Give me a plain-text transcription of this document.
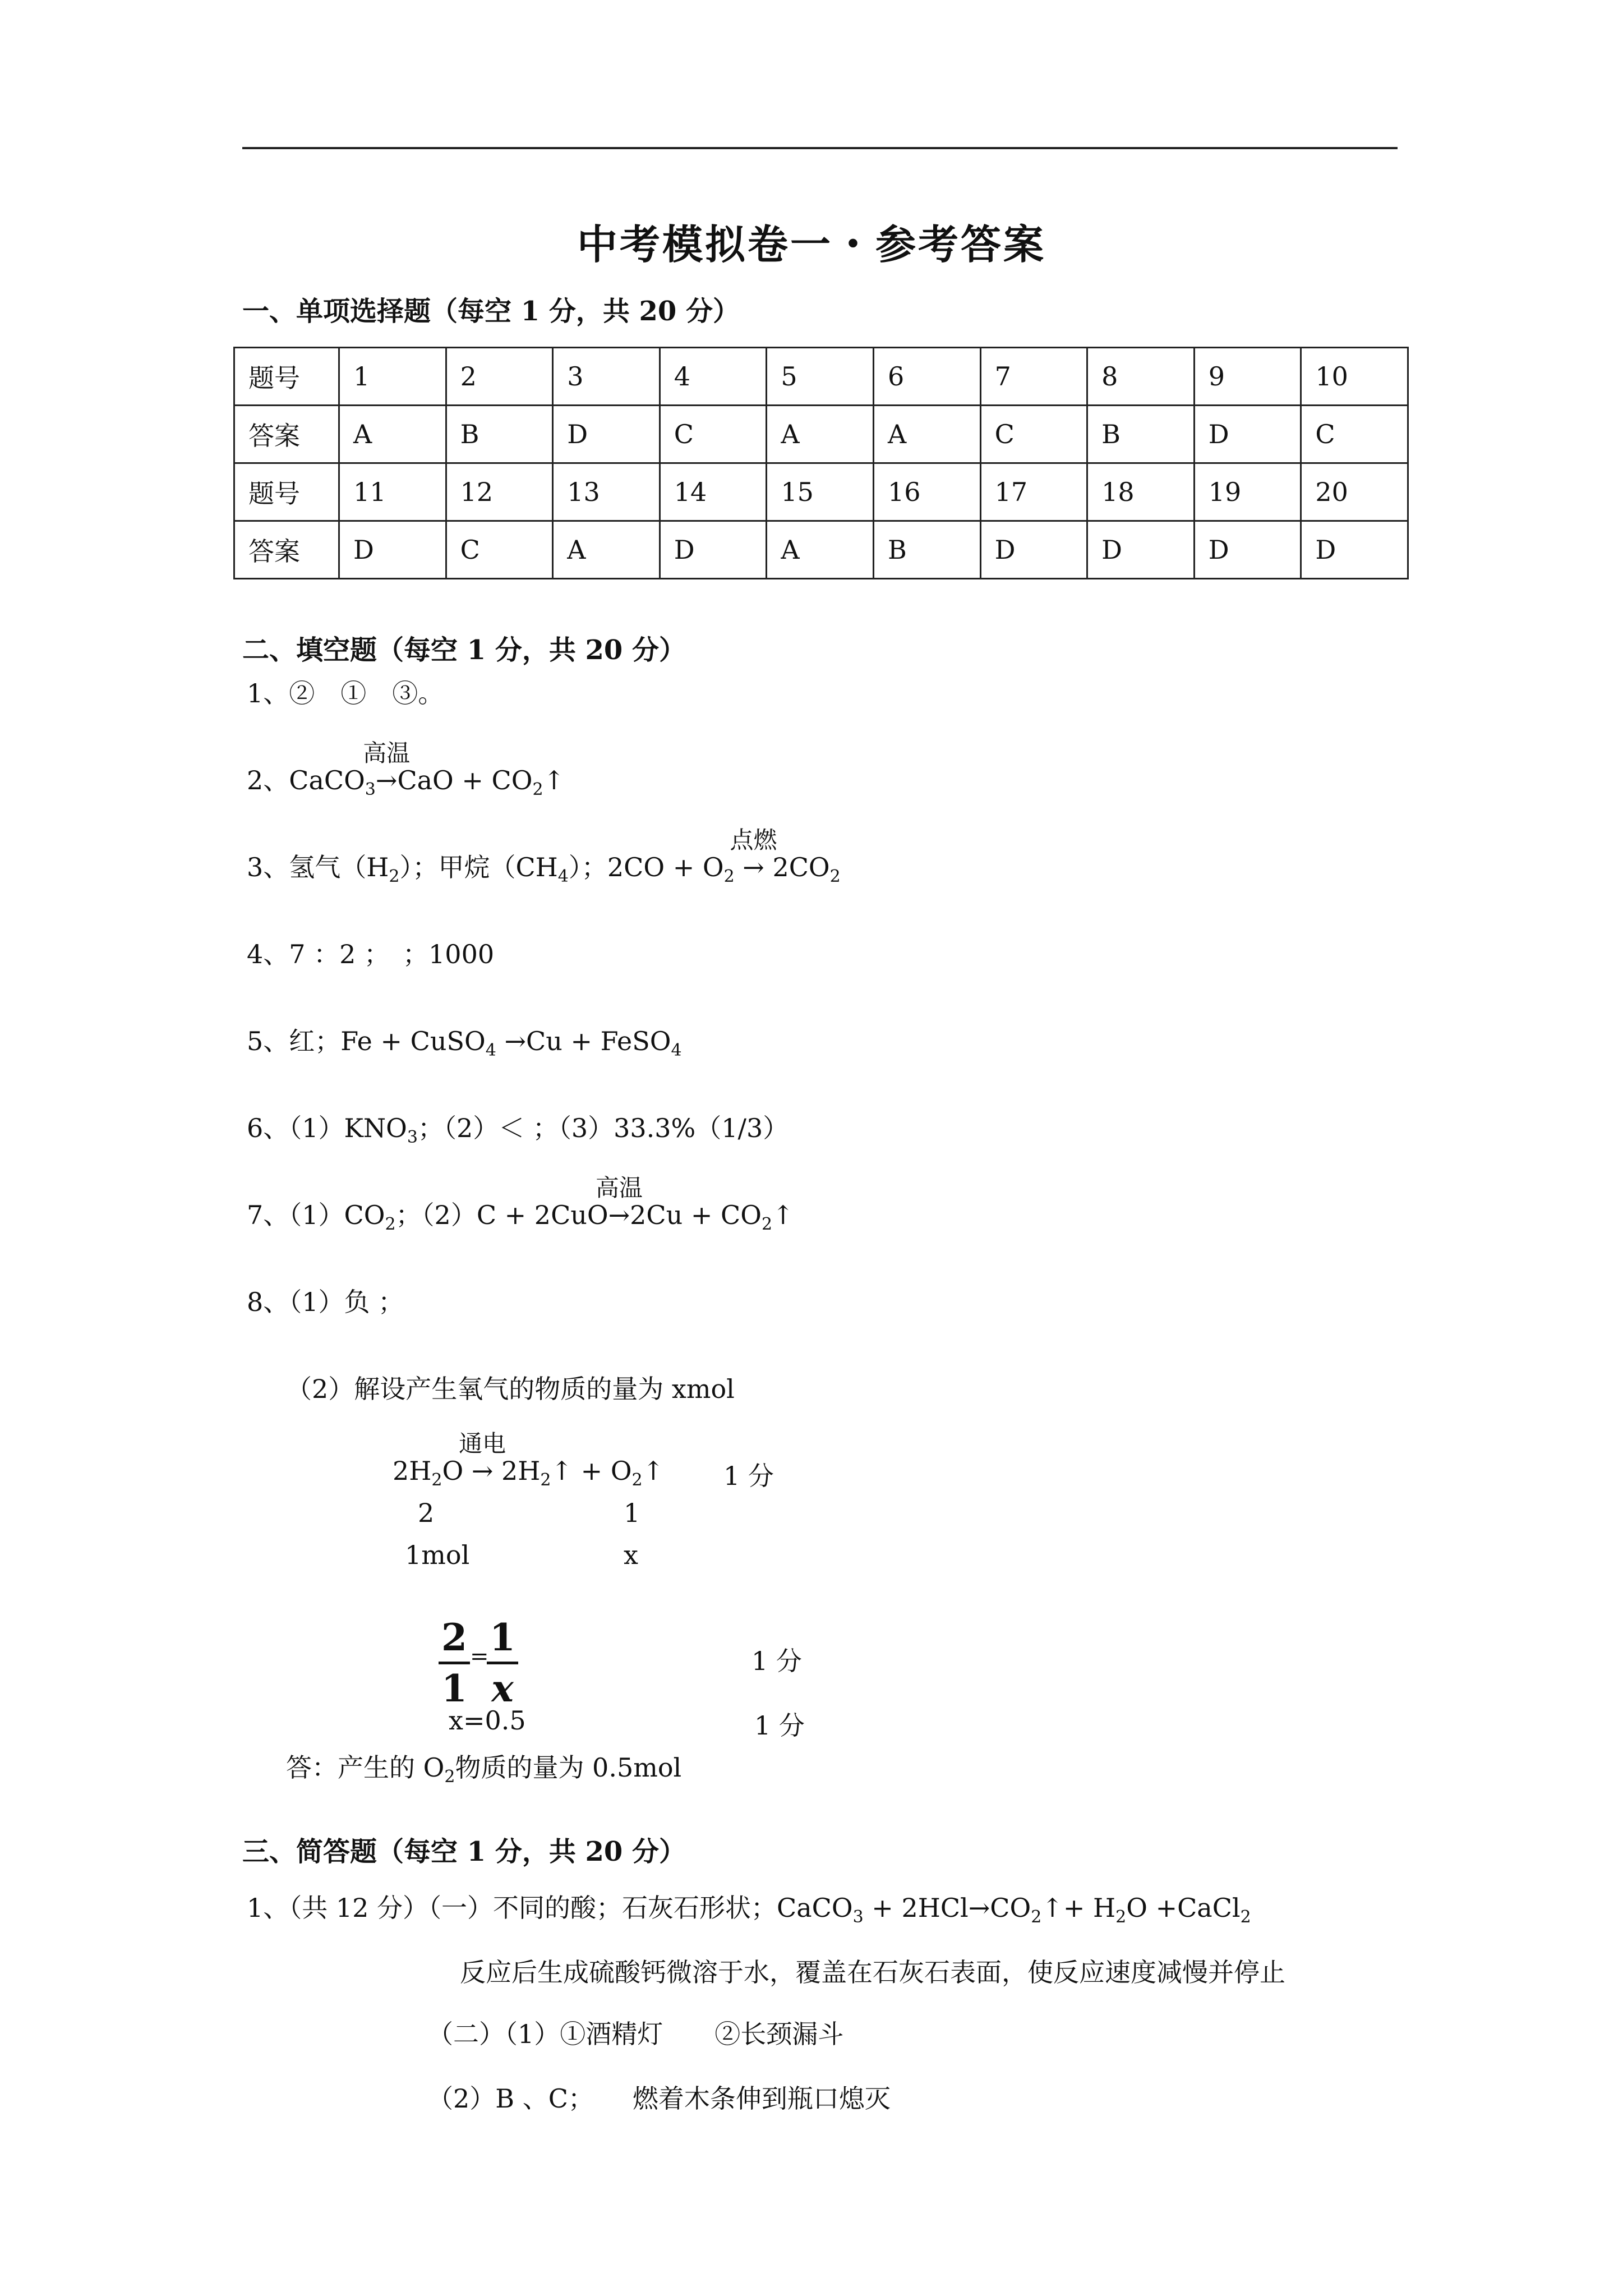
中考模拟卷一・参考答案
一、单项选择题（每空 1 分，共 20 分）
题号	1	2	3	4	5	6	7	8	9	10
答案	A	B	D	C	A	A	C	B	D	C
题号	11	12	13	14	15	16	17	18	19	20
答案	D	C	A	D	A	B	D	D	D	D
二、填空题（每空 1 分，共 20 分）
1、②　①　③。
2、CaCO$_3$
高温
$\to CaO + CO_2↑$
3、氢气$(H_2)$；甲烷$(CH_4)$；$2CO + O_2$
点燃
→ $2CO_2$
4、7 ：2 ；　；1000
5、红；Fe + CuSO$_4$ →Cu + FeSO$_4$
6、$(1)KNO_3$；（2）＜ ；（3）33.3%（1/3）
7、$(1)CO_2$；（2）C + 2CuO
高温
$\to 2Cu + CO_2↑$
8、（1）负 ；
（2）解设产生氧气的物质的量为 xmol
$2H_2O$
通电
→ $2H_2↑$ + $O_2↑$ 1 分
2	1
1mol	x
2
1
= 1
x
1 分
x=0.5	1 分
答：产生的 $O_2$物质的量为 0.5mol
三、简答题（每空 1 分，共 20 分）
1、（共 12 分）（一）不同的酸；石灰石形状；CaCO$_3$ + $2HCl\to CO_2↑+ H_2O$ +CaCl$_2$
反应后生成硫酸钙微溶于水，覆盖在石灰石表面，使反应速度减慢并停止
（二）（1）①酒精灯　　②长颈漏斗
（2）B 、C；　　燃着木条伸到瓶口熄灭
